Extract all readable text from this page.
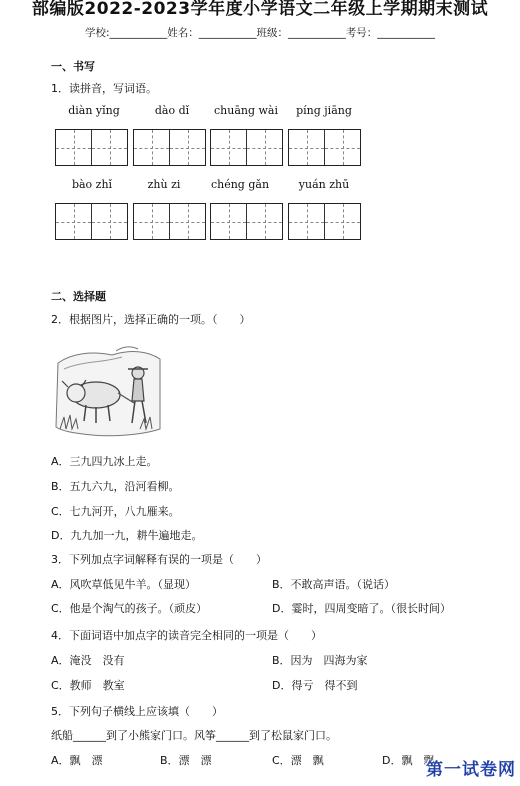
部编版2022-2023学年度小学语文二年级上学期期末测试
学校:___________姓名：___________班级：___________考号：___________
一、书写
1．读拼音，写词语。
diàn yǐng	dào dǐ	chuāng wài	píng jiāng
bào zhǐ	zhù zi	chéng gǎn	yuán zhū
二、选择题
2．根据图片，选择正确的一项。（　　）
A．三九四九冰上走。
B．五九六九，沿河看柳。
C．七九河开，八九雁来。
D．九九加一九，耕牛遍地走。
3．下列加点字词解释有误的一项是（　　）
A．风吹草低见牛羊。（显现）	B．不敢高声语。（说话）
C．他是个淘气的孩子。（顽皮）	D．霎时，四周变暗了。（很长时间）
4．下面词语中加点字的读音完全相同的一项是（　　）
A．淹没　没有	B．因为　四海为家
C．教师　教室	D．得亏　得不到
5．下列句子横线上应该填（　　）
纸船______到了小熊家门口。风筝______到了松鼠家门口。
A．飘　漂	B．漂　漂	C．漂　飘	D．飘　飘
第一试卷网
